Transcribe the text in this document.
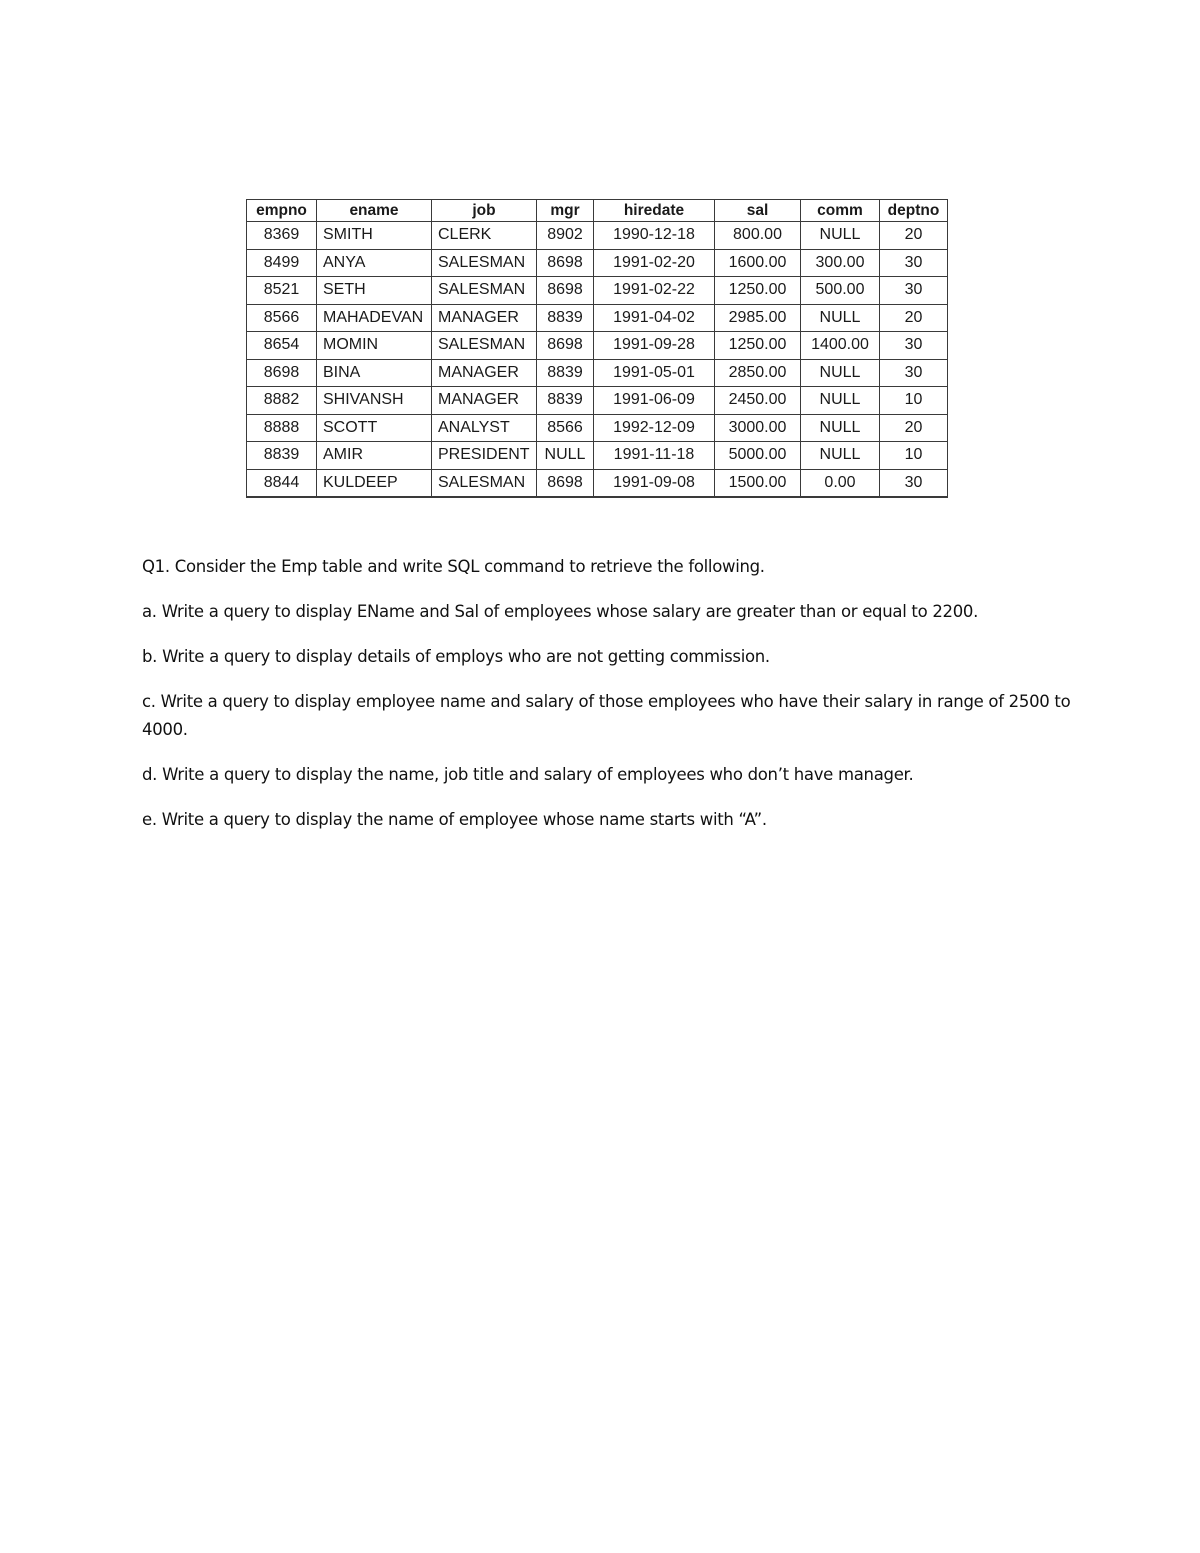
empno	ename	job	mgr	hiredate	sal	comm	deptno
8369	SMITH	CLERK	8902	1990-12-18	800.00	NULL	20
8499	ANYA	SALESMAN	8698	1991-02-20	1600.00	300.00	30
8521	SETH	SALESMAN	8698	1991-02-22	1250.00	500.00	30
8566	MAHADEVAN	MANAGER	8839	1991-04-02	2985.00	NULL	20
8654	MOMIN	SALESMAN	8698	1991-09-28	1250.00	1400.00	30
8698	BINA	MANAGER	8839	1991-05-01	2850.00	NULL	30
8882	SHIVANSH	MANAGER	8839	1991-06-09	2450.00	NULL	10
8888	SCOTT	ANALYST	8566	1992-12-09	3000.00	NULL	20
8839	AMIR	PRESIDENT	NULL	1991-11-18	5000.00	NULL	10
8844	KULDEEP	SALESMAN	8698	1991-09-08	1500.00	0.00	30

Q1. Consider the Emp table and write SQL command to retrieve the following.

a. Write a query to display EName and Sal of employees whose salary are greater than or equal to 2200.

b. Write a query to display details of employs who are not getting commission.

c. Write a query to display employee name and salary of those employees who have their salary in range of 2500 to 4000.

d. Write a query to display the name, job title and salary of employees who don’t have manager.

e. Write a query to display the name of employee whose name starts with “A”.
